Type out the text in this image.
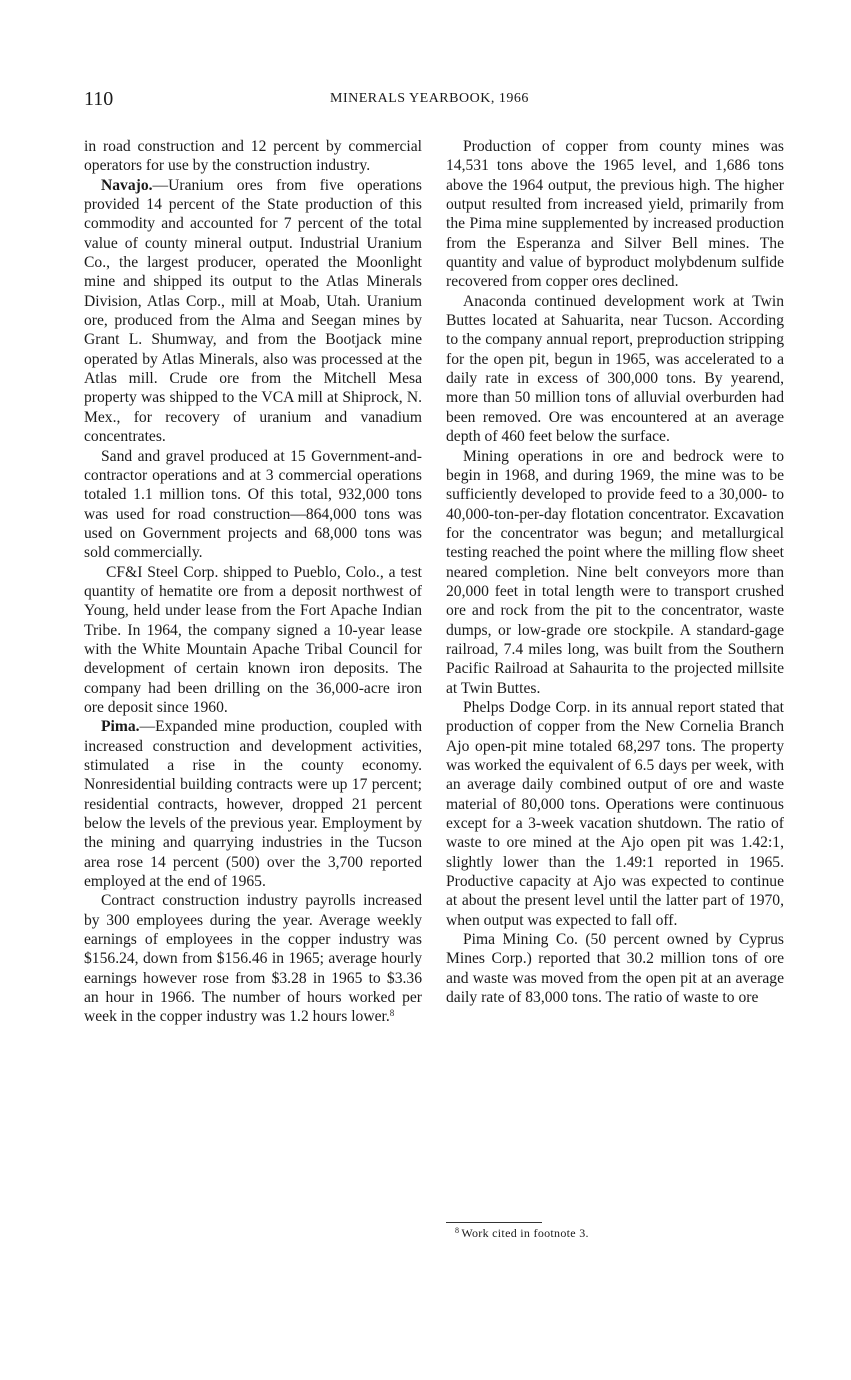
110	MINERALS YEARBOOK, 1966

in road construction and 12 percent by commercial operators for use by the construction industry.

Navajo.—Uranium ores from five operations provided 14 percent of the State production of this commodity and accounted for 7 percent of the total value of county mineral output. Industrial Uranium Co., the largest producer, operated the Moonlight mine and shipped its output to the Atlas Minerals Division, Atlas Corp., mill at Moab, Utah. Uranium ore, produced from the Alma and Seegan mines by Grant L. Shumway, and from the Bootjack mine operated by Atlas Minerals, also was processed at the Atlas mill. Crude ore from the Mitchell Mesa property was shipped to the VCA mill at Shiprock, N. Mex., for recovery of uranium and vanadium concentrates.

Sand and gravel produced at 15 Government-and-contractor operations and at 3 commercial operations totaled 1.1 million tons. Of this total, 932,000 tons was used for road construction—864,000 tons was used on Government projects and 68,000 tons was sold commercially.

CF&I Steel Corp. shipped to Pueblo, Colo., a test quantity of hematite ore from a deposit northwest of Young, held under lease from the Fort Apache Indian Tribe. In 1964, the company signed a 10-year lease with the White Mountain Apache Tribal Council for development of certain known iron deposits. The company had been drilling on the 36,000-acre iron ore deposit since 1960.

Pima.—Expanded mine production, coupled with increased construction and development activities, stimulated a rise in the county economy. Nonresidential building contracts were up 17 percent; residential contracts, however, dropped 21 percent below the levels of the previous year. Employment by the mining and quarrying industries in the Tucson area rose 14 percent (500) over the 3,700 reported employed at the end of 1965.

Contract construction industry payrolls increased by 300 employees during the year. Average weekly earnings of employees in the copper industry was $156.24, down from $156.46 in 1965; average hourly earnings however rose from $3.28 in 1965 to $3.36 an hour in 1966. The number of hours worked per week in the copper industry was 1.2 hours lower.$^8$

Production of copper from county mines was 14,531 tons above the 1965 level, and 1,686 tons above the 1964 output, the previous high. The higher output resulted from increased yield, primarily from the Pima mine supplemented by increased production from the Esperanza and Silver Bell mines. The quantity and value of byproduct molybdenum sulfide recovered from copper ores declined.

Anaconda continued development work at Twin Buttes located at Sahuarita, near Tucson. According to the company annual report, preproduction stripping for the open pit, begun in 1965, was accelerated to a daily rate in excess of 300,000 tons. By yearend, more than 50 million tons of alluvial overburden had been removed. Ore was encountered at an average depth of 460 feet below the surface.

Mining operations in ore and bedrock were to begin in 1968, and during 1969, the mine was to be sufficiently developed to provide feed to a 30,000- to 40,000-ton-per-day flotation concentrator. Excavation for the concentrator was begun; and metallurgical testing reached the point where the milling flow sheet neared completion. Nine belt conveyors more than 20,000 feet in total length were to transport crushed ore and rock from the pit to the concentrator, waste dumps, or low-grade ore stockpile. A standard-gage railroad, 7.4 miles long, was built from the Southern Pacific Railroad at Sahaurita to the projected millsite at Twin Buttes.

Phelps Dodge Corp. in its annual report stated that production of copper from the New Cornelia Branch Ajo open-pit mine totaled 68,297 tons. The property was worked the equivalent of 6.5 days per week, with an average daily combined output of ore and waste material of 80,000 tons. Operations were continuous except for a 3-week vacation shutdown. The ratio of waste to ore mined at the Ajo open pit was 1.42:1, slightly lower than the 1.49:1 reported in 1965. Productive capacity at Ajo was expected to continue at about the present level until the latter part of 1970, when output was expected to fall off.

Pima Mining Co. (50 percent owned by Cyprus Mines Corp.) reported that 30.2 million tons of ore and waste was moved from the open pit at an average daily rate of 83,000 tons. The ratio of waste to ore

$^8$ Work cited in footnote 3.
